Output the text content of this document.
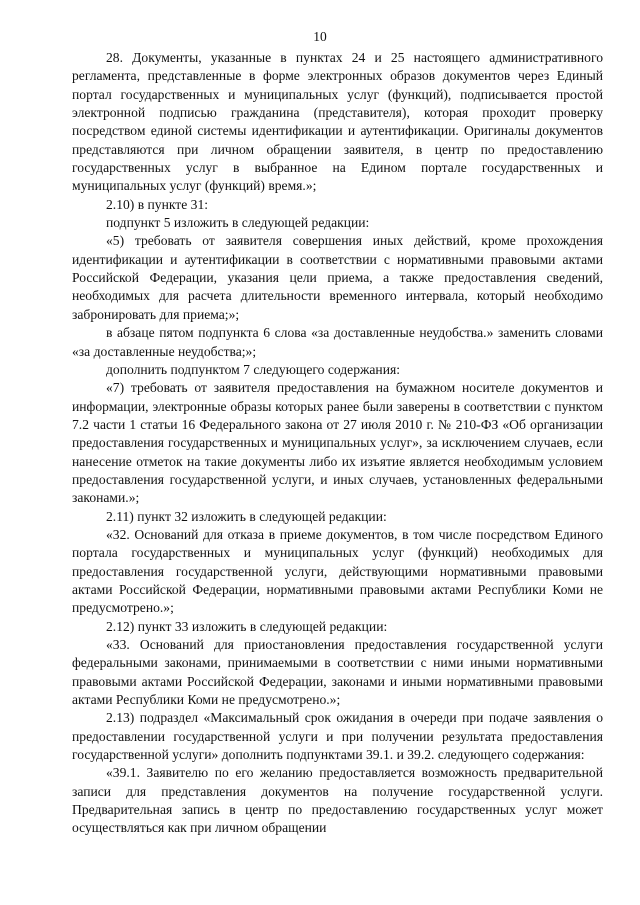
10

28. Документы, указанные в пунктах 24 и 25 настоящего административного регламента, представленные в форме электронных образов документов через Единый портал государственных и муниципальных услуг (функций), подписывается простой электронной подписью гражданина (представителя), которая проходит проверку посредством единой системы идентификации и аутентификации. Оригиналы документов представляются при личном обращении заявителя, в центр по предоставлению государственных услуг в выбранное на Едином портале государственных и муниципальных услуг (функций) время.»;

2.10) в пункте 31:

подпункт 5 изложить в следующей редакции:

«5) требовать от заявителя совершения иных действий, кроме прохождения идентификации и аутентификации в соответствии с нормативными правовыми актами Российской Федерации, указания цели приема, а также предоставления сведений, необходимых для расчета длительности временного интервала, который необходимо забронировать для приема;»;

в абзаце пятом подпункта 6 слова «за доставленные неудобства.» заменить словами «за доставленные неудобства;»;

дополнить подпунктом 7 следующего содержания:

«7) требовать от заявителя предоставления на бумажном носителе документов и информации, электронные образы которых ранее были заверены в соответствии с пунктом 7.2 части 1 статьи 16 Федерального закона от 27 июля 2010 г. № 210-ФЗ «Об организации предоставления государственных и муниципальных услуг», за исключением случаев, если нанесение отметок на такие документы либо их изъятие является необходимым условием предоставления государственной услуги, и иных случаев, установленных федеральными законами.»;

2.11) пункт 32 изложить в следующей редакции:

«32. Оснований для отказа в приеме документов, в том числе посредством Единого портала государственных и муниципальных услуг (функций) необходимых для предоставления государственной услуги, действующими нормативными правовыми актами Российской Федерации, нормативными правовыми актами Республики Коми не предусмотрено.»;

2.12) пункт 33 изложить в следующей редакции:

«33. Оснований для приостановления предоставления государственной услуги федеральными законами, принимаемыми в соответствии с ними иными нормативными правовыми актами Российской Федерации, законами и иными нормативными правовыми актами Республики Коми не предусмотрено.»;

2.13) подраздел «Максимальный срок ожидания в очереди при подаче заявления о предоставлении государственной услуги и при получении результата предоставления государственной услуги» дополнить подпунктами 39.1. и 39.2. следующего содержания:

«39.1. Заявителю по его желанию предоставляется возможность предварительной записи для представления документов на получение государственной услуги. Предварительная запись в центр по предоставлению государственных услуг может осуществляться как при личном обращении
